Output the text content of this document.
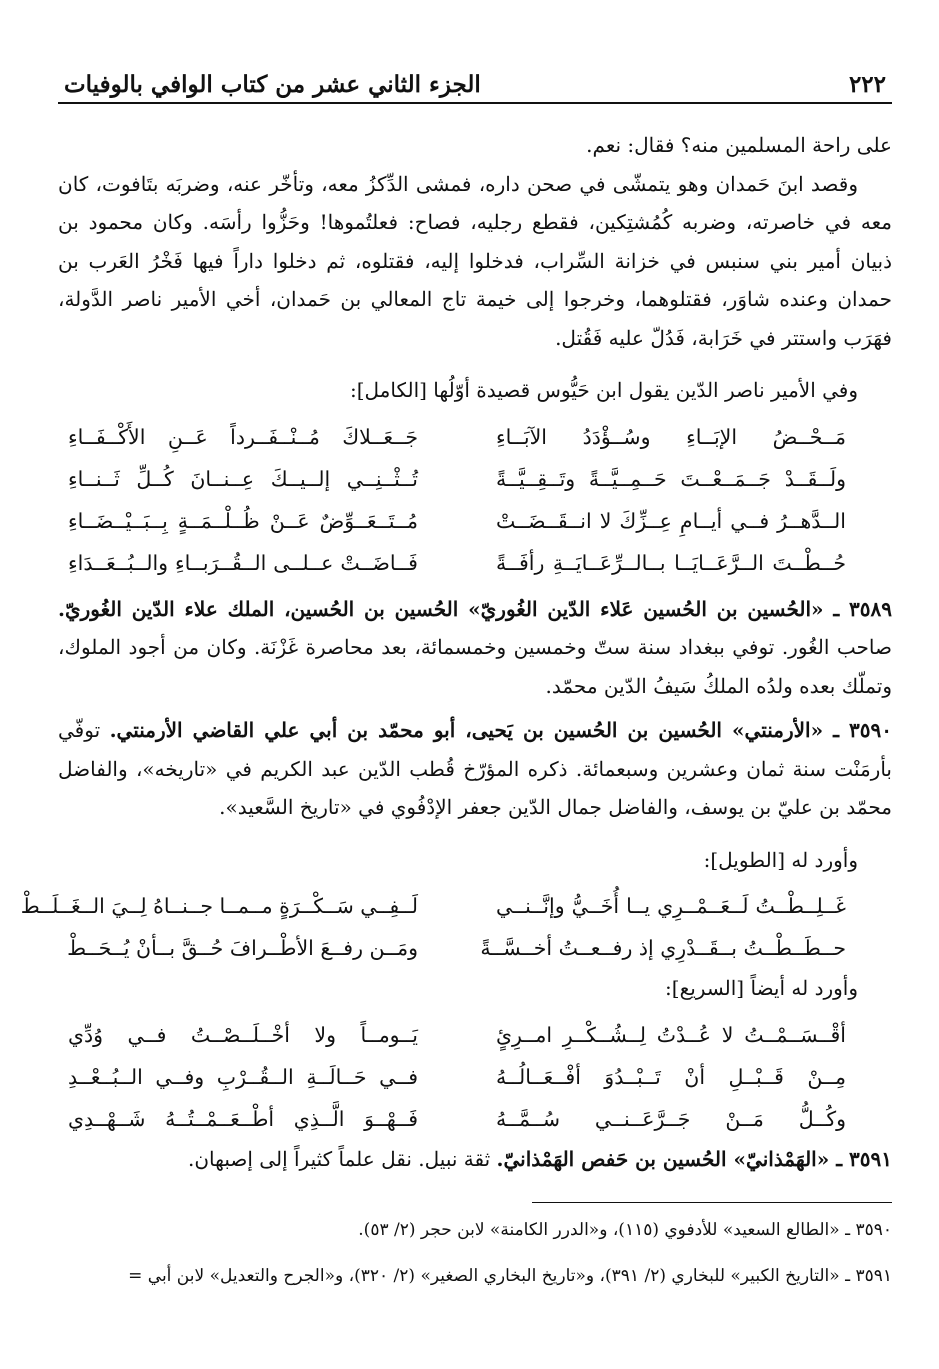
٢٢٢
الجزء الثاني عشر من كتاب الوافي بالوفيات

على راحة المسلمين منه؟ فقال: نعم.

وقصد ابنَ حَمدان وهو يتمشّى في صحن داره، فمشى الدِّكزُ معه، وتأخّر عنه، وضربَه بتَافوت، كان معه في خاصرته، وضربه كُمُشتِكين، فقطع رجليه، فصاح: فعلتُموها! وحَزُّوا رأسَه. وكان محمود بن ذبيان أمير بني سنبس في خزانة السِّراب، فدخلوا إليه، فقتلوه، ثم دخلوا داراً فيها فَخْرُ العَرب بن حمدان وعنده شاوَر، فقتلوهما، وخرجوا إلى خيمة تاج المعالي بن حَمدان، أخي الأمير ناصر الدَّولة، فهَرَب واستتر في خَرَابة، فَدُلّ عليه فَقُتل.

وفي الأمير ناصر الدّين يقول ابن حَيُّوس قصيدة أوّلُها [الكامل]:

مَــحْــضُ الإبَــاءِ وسُــؤْدَدُ الآبَــاءِ
جَــعَــلاكَ مُــنْــفَــرداً عَــنِ الأَكْــفَــاءِ
ولَــقَــدْ جَــمَــعْــتَ حَــمِــيَّــةً وتَــقِــيَّــةً
تُــثْــنِــي إلــيــكَ عِــنــانَ كُــلِّ ثَــنــاءِ
الــدَّهــرُ فــي أيــامِ عِــزِّكَ لا انــقَــضَــتْ
مُــتَــعَــوِّضٌ عَــنْ ظُــلْــمَــةٍ بِــبَــيْــضَــاءِ
حُــطْــتَ الــرَّعَــايَــا بــالــرِّعَــايَــةِ رأفَــةً
فَــاضَــتْ عــلــى الــقُــرَبــاءِ والــبُــعَــدَاءِ

٣٥٨٩ ـ «الحُسين بن الحُسين عَلاء الدّين الغُوريّ» الحُسين بن الحُسين، الملك علاء الدّين الغُوريّ. صاحب الغُور. توفي ببغداد سنة ستّ وخمسين وخمسمائة، بعد محاصرة غَزْنَة. وكان من أجود الملوك، وتملّك بعده ولدُه الملكُ سَيفُ الدّين محمّد.

٣٥٩٠ ـ «الأرمنتي» الحُسين بن الحُسين بن يَحيى، أبو محمّد بن أبي علي القاضي الأرمنتي. توفّي بأرمَنْت سنة ثمان وعشرين وسبعمائة. ذكره المؤرّخ قُطب الدّين عبد الكريم في «تاريخه»، والفاضل محمّد بن عليّ بن يوسف، والفاضل جمال الدّين جعفر الإدْفُوي في «تاريخ السَّعيد».

وأورد له [الطويل]:

غَــلِــطْــتُ لَــعَــمْــرِي يــا أُخَــيُّ وإنَّــنــي
لَــفِــي سَــكْــرَةٍ مــمــا جــنــاهُ لِــيَ الــغَــلَــطْ
حــطَــطْــتُ بــقَــدْرِي إذ رفــعــتُ أخــسَّــةً
ومَــن رفــعَ الأطْــرافَ حُــقَّ بــأنْ يُــحَــطْ

وأورد له أيضاً [السريع]:

أقْــسَــمْــتُ لا عُــدْتُ لِــشُــكْــرِ امــرِئٍ
يَــومــاً ولا أخْــلَــصْــتُ فــي وُدِّي
مِــنْ قَــبْــلِ أنْ تَــبْــدُوَ أفْــعَــالُــهُ
فــي حَــالَــةِ الــقُــرْبِ وفــي الــبُــعْــدِ
وكُــلُّ مَــنْ جَــرَّعَــنــي سُــمَّــهُ
فَــهْــوَ الَّــذِي أطْــعَــمْــتُــهُ شَــهْــدِي

٣٥٩١ ـ «الهَمْذانيّ» الحُسين بن حَفص الهَمْذانيّ. ثقة نبيل. نقل علماً كثيراً إلى إصبهان.

٣٥٩٠ ـ «الطالع السعيد» للأدفوي (١١٥)، و«الدرر الكامنة» لابن حجر (٢/ ٥٣).
٣٥٩١ ـ «التاريخ الكبير» للبخاري (٢/ ٣٩١)، و«تاريخ البخاري الصغير» (٢/ ٣٢٠)، و«الجرح والتعديل» لابن أبي =
